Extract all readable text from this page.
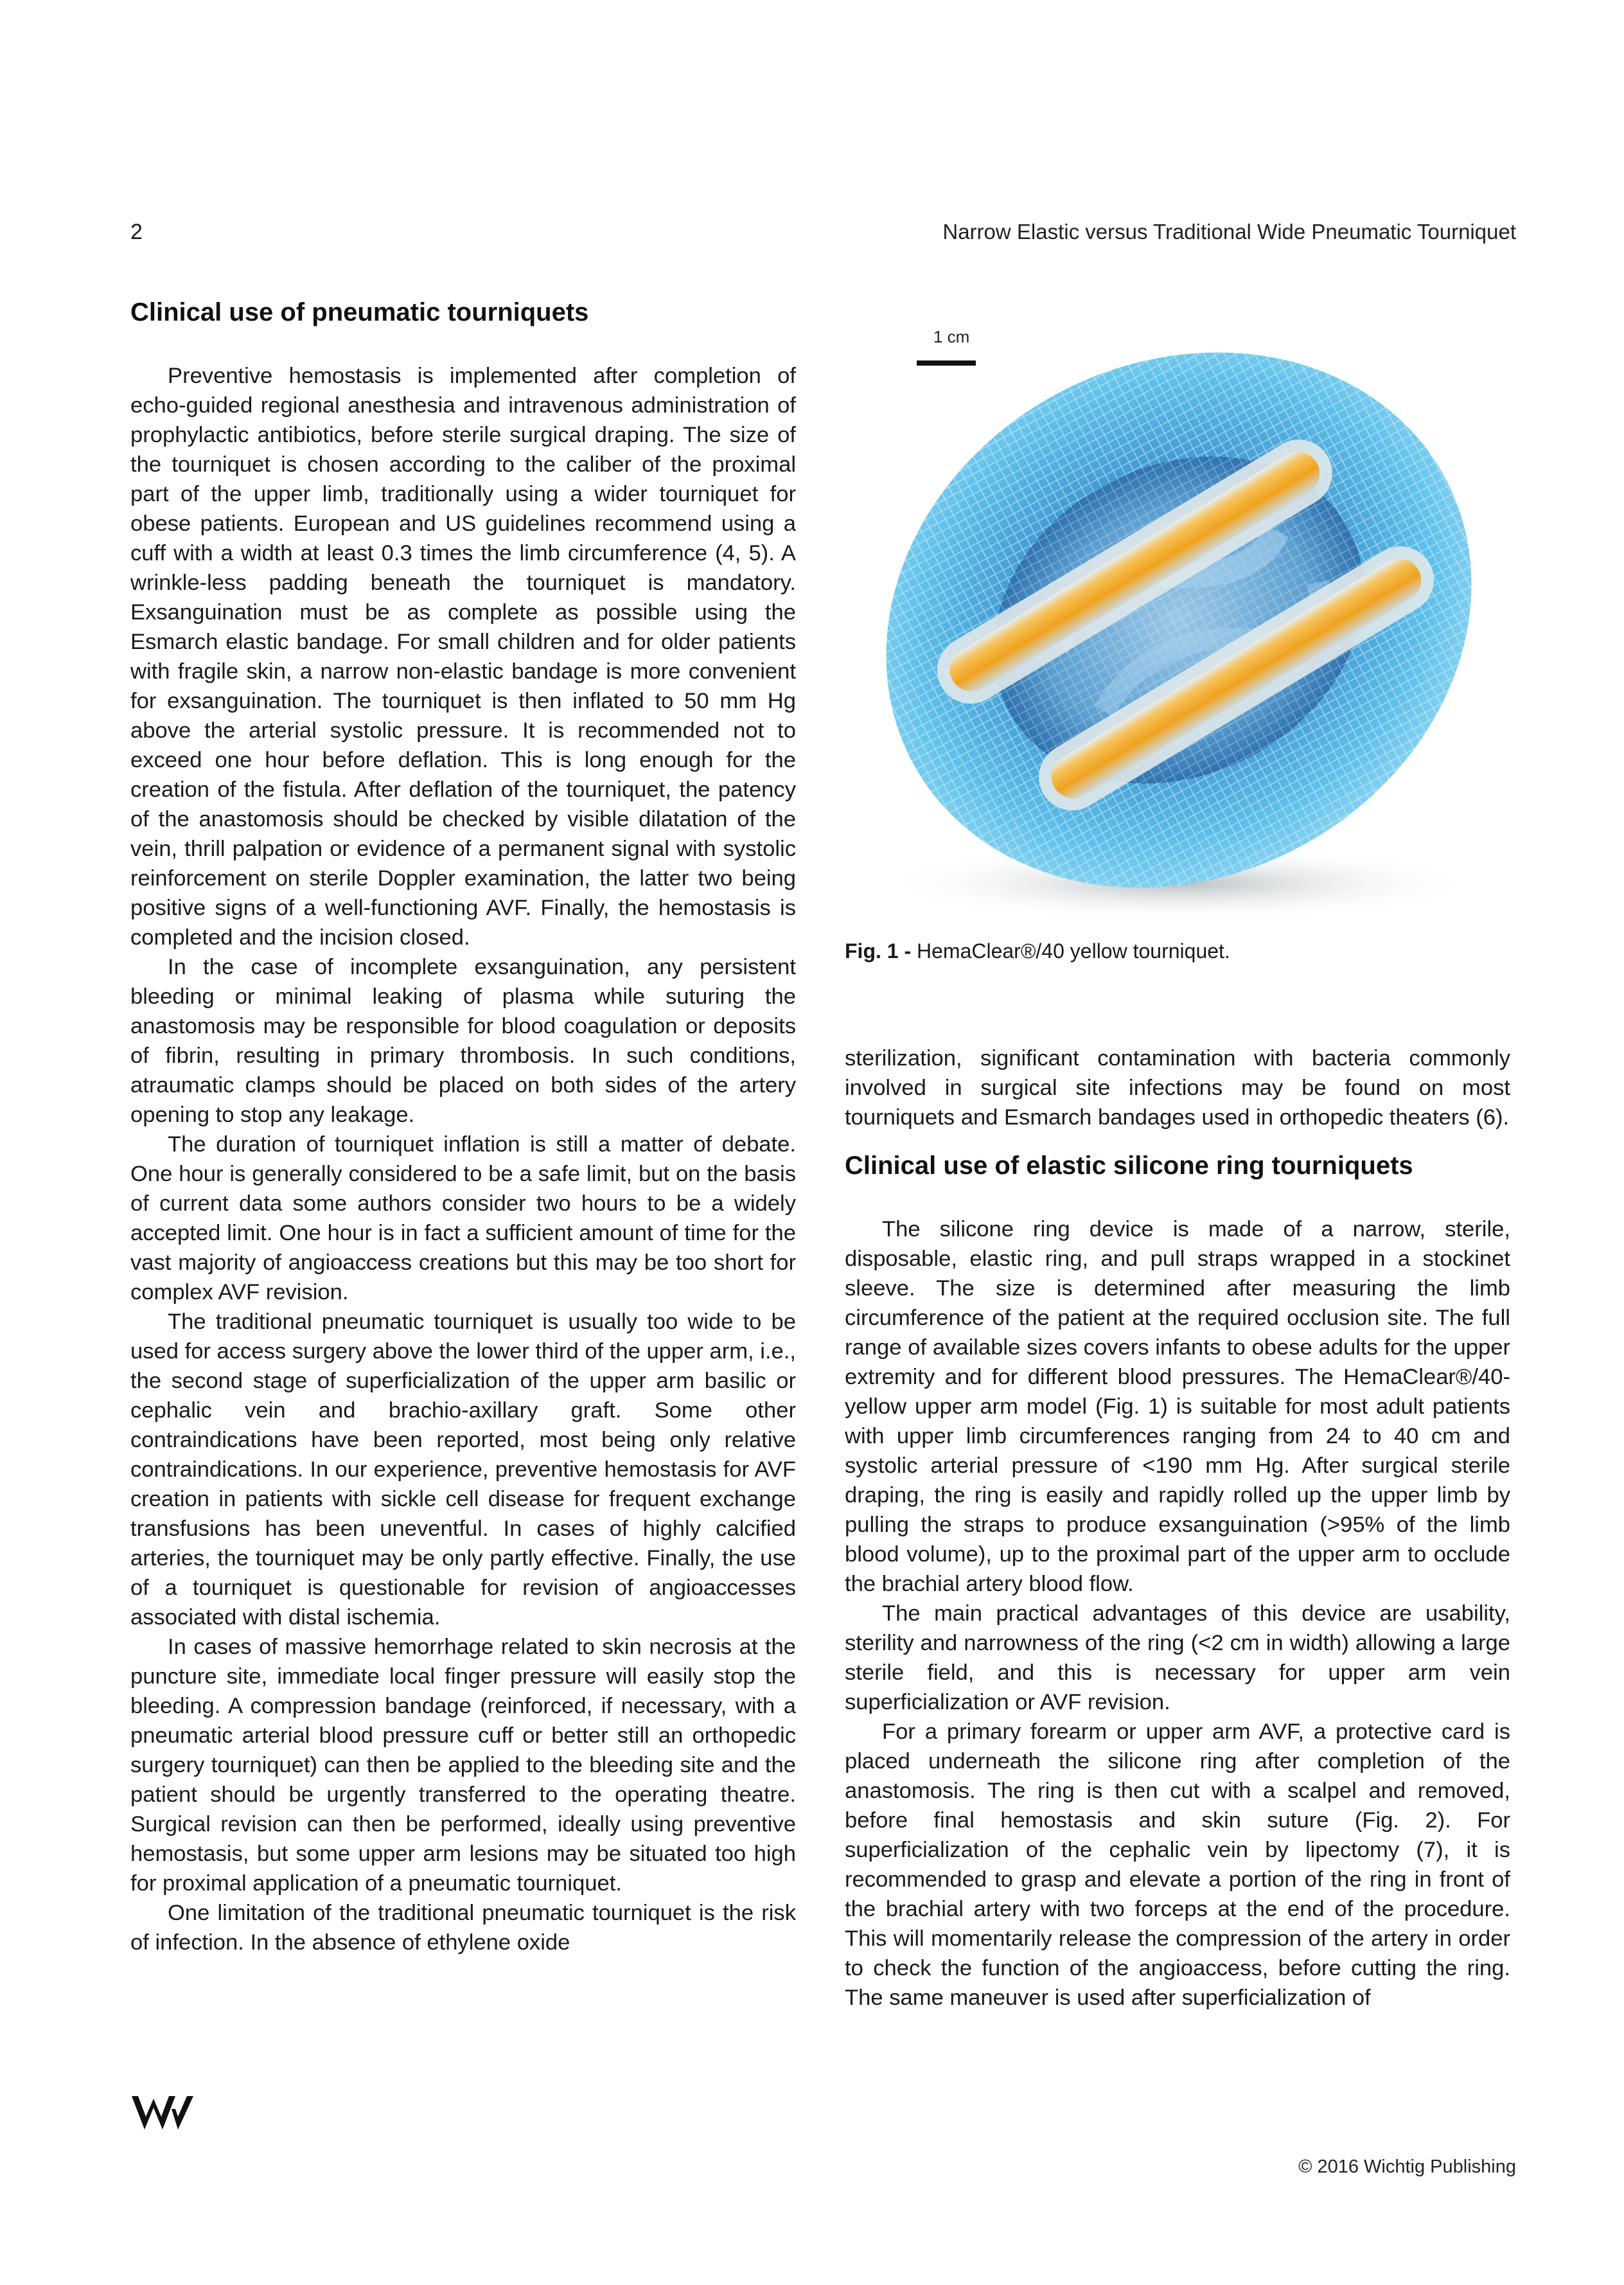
2	Narrow Elastic versus Traditional Wide Pneumatic Tourniquet
Clinical use of pneumatic tourniquets

Preventive hemostasis is implemented after completion of echo-guided regional anesthesia and intravenous administration of prophylactic antibiotics, before sterile surgical draping. The size of the tourniquet is chosen according to the caliber of the proximal part of the upper limb, traditionally using a wider tourniquet for obese patients. European and US guidelines recommend using a cuff with a width at least 0.3 times the limb circumference (4, 5). A wrinkle-less padding beneath the tourniquet is mandatory. Exsanguination must be as complete as possible using the Esmarch elastic bandage. For small children and for older patients with fragile skin, a narrow non-elastic bandage is more convenient for exsanguination. The tourniquet is then inflated to 50 mm Hg above the arterial systolic pressure. It is recommended not to exceed one hour before deflation. This is long enough for the creation of the fistula. After deflation of the tourniquet, the patency of the anastomosis should be checked by visible dilatation of the vein, thrill palpation or evidence of a permanent signal with systolic reinforcement on sterile Doppler examination, the latter two being positive signs of a well-functioning AVF. Finally, the hemostasis is completed and the incision closed.

In the case of incomplete exsanguination, any persistent bleeding or minimal leaking of plasma while suturing the anastomosis may be responsible for blood coagulation or deposits of fibrin, resulting in primary thrombosis. In such conditions, atraumatic clamps should be placed on both sides of the artery opening to stop any leakage.

The duration of tourniquet inflation is still a matter of debate. One hour is generally considered to be a safe limit, but on the basis of current data some authors consider two hours to be a widely accepted limit. One hour is in fact a sufficient amount of time for the vast majority of angioaccess creations but this may be too short for complex AVF revision.

The traditional pneumatic tourniquet is usually too wide to be used for access surgery above the lower third of the upper arm, i.e., the second stage of superficialization of the upper arm basilic or cephalic vein and brachio-axillary graft. Some other contraindications have been reported, most being only relative contraindications. In our experience, preventive hemostasis for AVF creation in patients with sickle cell disease for frequent exchange transfusions has been uneventful. In cases of highly calcified arteries, the tourniquet may be only partly effective. Finally, the use of a tourniquet is questionable for revision of angioaccesses associated with distal ischemia.

In cases of massive hemorrhage related to skin necrosis at the puncture site, immediate local finger pressure will easily stop the bleeding. A compression bandage (reinforced, if necessary, with a pneumatic arterial blood pressure cuff or better still an orthopedic surgery tourniquet) can then be applied to the bleeding site and the patient should be urgently transferred to the operating theatre. Surgical revision can then be performed, ideally using preventive hemostasis, but some upper arm lesions may be situated too high for proximal application of a pneumatic tourniquet.

One limitation of the traditional pneumatic tourniquet is the risk of infection. In the absence of ethylene oxide

1 cm
Fig. 1 - HemaClear®/40 yellow tourniquet.

sterilization, significant contamination with bacteria commonly involved in surgical site infections may be found on most tourniquets and Esmarch bandages used in orthopedic theaters (6).

Clinical use of elastic silicone ring tourniquets

The silicone ring device is made of a narrow, sterile, disposable, elastic ring, and pull straps wrapped in a stockinet sleeve. The size is determined after measuring the limb circumference of the patient at the required occlusion site. The full range of available sizes covers infants to obese adults for the upper extremity and for different blood pressures. The HemaClear®/40-yellow upper arm model (Fig. 1) is suitable for most adult patients with upper limb circumferences ranging from 24 to 40 cm and systolic arterial pressure of <190 mm Hg. After surgical sterile draping, the ring is easily and rapidly rolled up the upper limb by pulling the straps to produce exsanguination (>95% of the limb blood volume), up to the proximal part of the upper arm to occlude the brachial artery blood flow.

The main practical advantages of this device are usability, sterility and narrowness of the ring (<2 cm in width) allowing a large sterile field, and this is necessary for upper arm vein superficialization or AVF revision.

For a primary forearm or upper arm AVF, a protective card is placed underneath the silicone ring after completion of the anastomosis. The ring is then cut with a scalpel and removed, before final hemostasis and skin suture (Fig. 2). For superficialization of the cephalic vein by lipectomy (7), it is recommended to grasp and elevate a portion of the ring in front of the brachial artery with two forceps at the end of the procedure. This will momentarily release the compression of the artery in order to check the function of the angioaccess, before cutting the ring. The same maneuver is used after superficialization of

© 2016 Wichtig Publishing
